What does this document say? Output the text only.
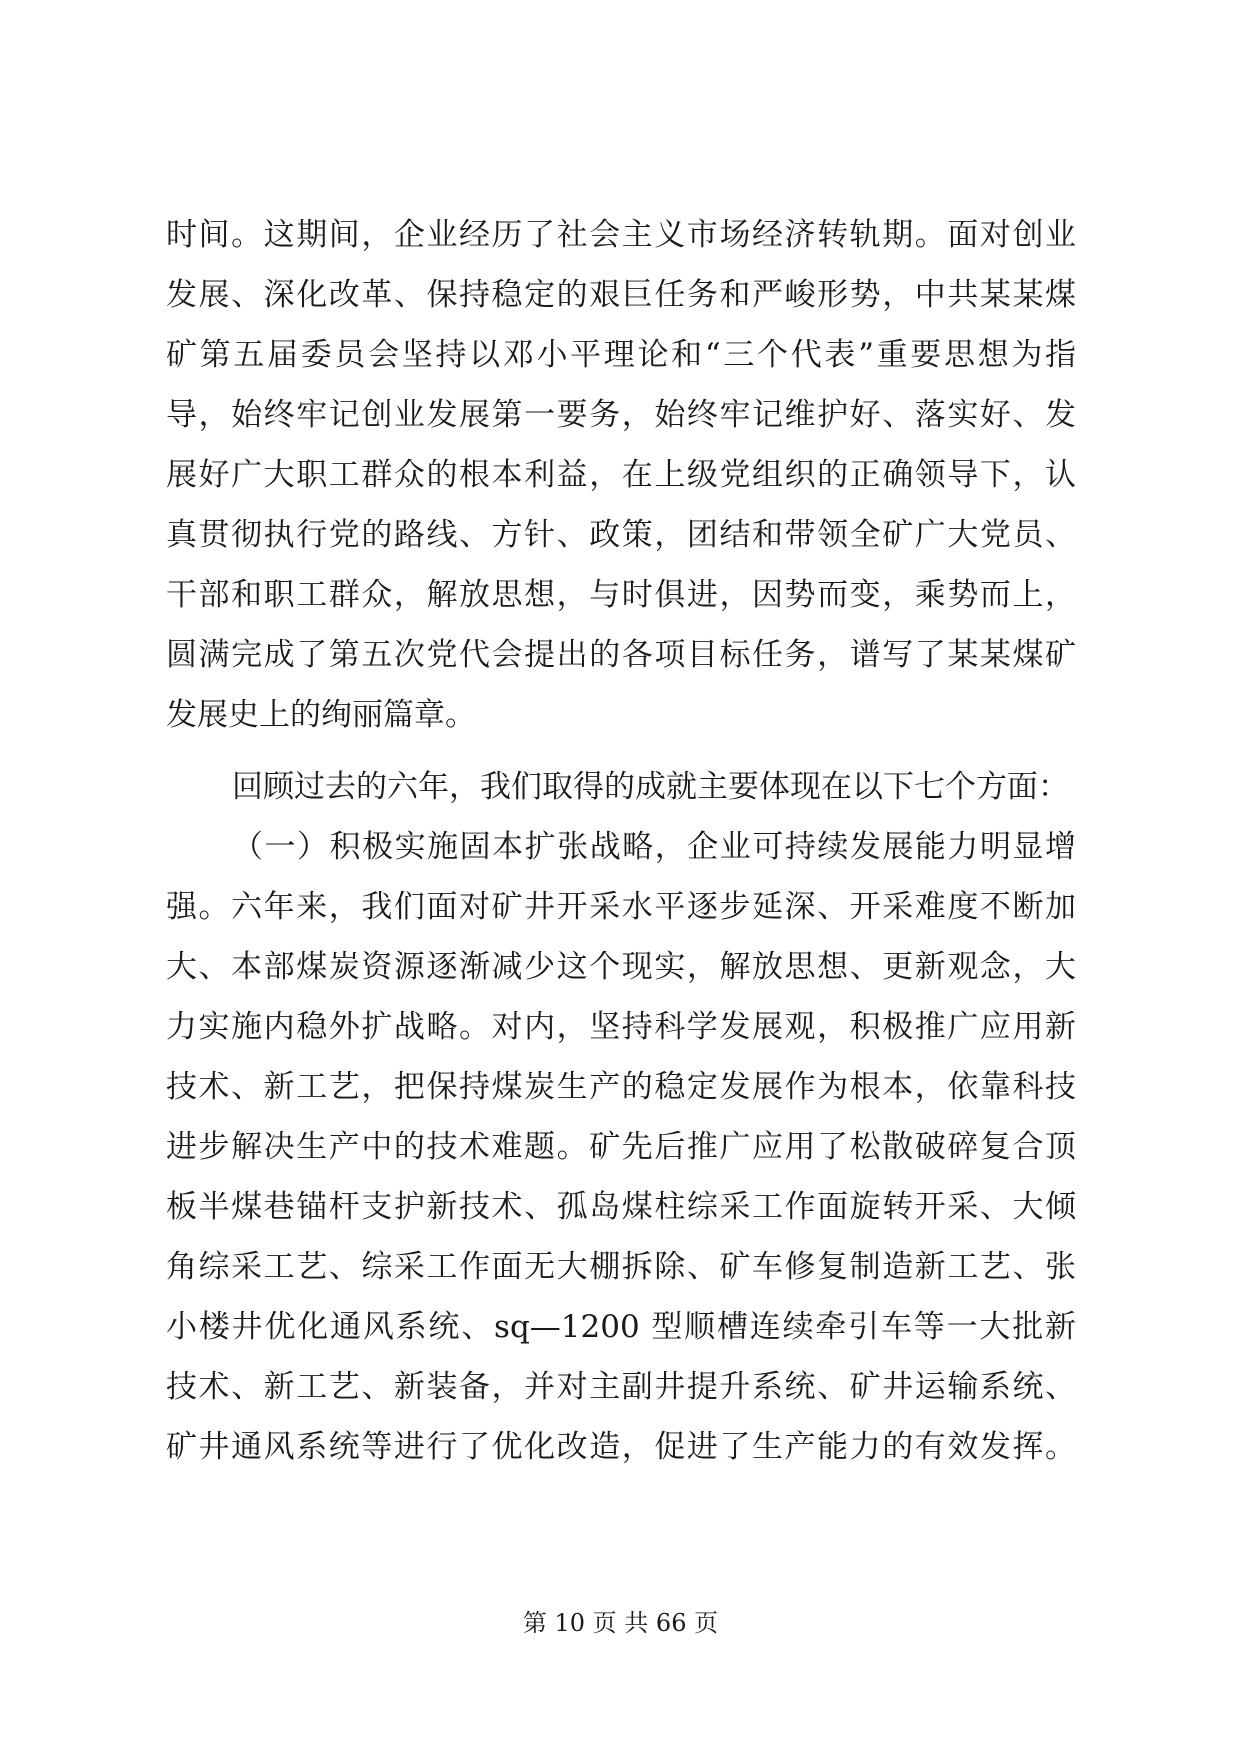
时间。这期间，企业经历了社会主义市场经济转轨期。面对创业
发展、深化改革、保持稳定的艰巨任务和严峻形势，中共某某煤
矿第五届委员会坚持以邓小平理论和“三个代表”重要思想为指
导，始终牢记创业发展第一要务，始终牢记维护好、落实好、发
展好广大职工群众的根本利益，在上级党组织的正确领导下，认
真贯彻执行党的路线、方针、政策，团结和带领全矿广大党员、
干部和职工群众，解放思想，与时俱进，因势而变，乘势而上，
圆满完成了第五次党代会提出的各项目标任务，谱写了某某煤矿
发展史上的绚丽篇章。
回顾过去的六年，我们取得的成就主要体现在以下七个方面：
（一）积极实施固本扩张战略，企业可持续发展能力明显增
强。六年来，我们面对矿井开采水平逐步延深、开采难度不断加
大、本部煤炭资源逐渐减少这个现实，解放思想、更新观念，大
力实施内稳外扩战略。对内，坚持科学发展观，积极推广应用新
技术、新工艺，把保持煤炭生产的稳定发展作为根本，依靠科技
进步解决生产中的技术难题。矿先后推广应用了松散破碎复合顶
板半煤巷锚杆支护新技术、孤岛煤柱综采工作面旋转开采、大倾
角综采工艺、综采工作面无大棚拆除、矿车修复制造新工艺、张
小楼井优化通风系统、sq—1200 型顺槽连续牵引车等一大批新
技术、新工艺、新装备，并对主副井提升系统、矿井运输系统、
矿井通风系统等进行了优化改造，促进了生产能力的有效发挥。
第 10 页 共 66 页
